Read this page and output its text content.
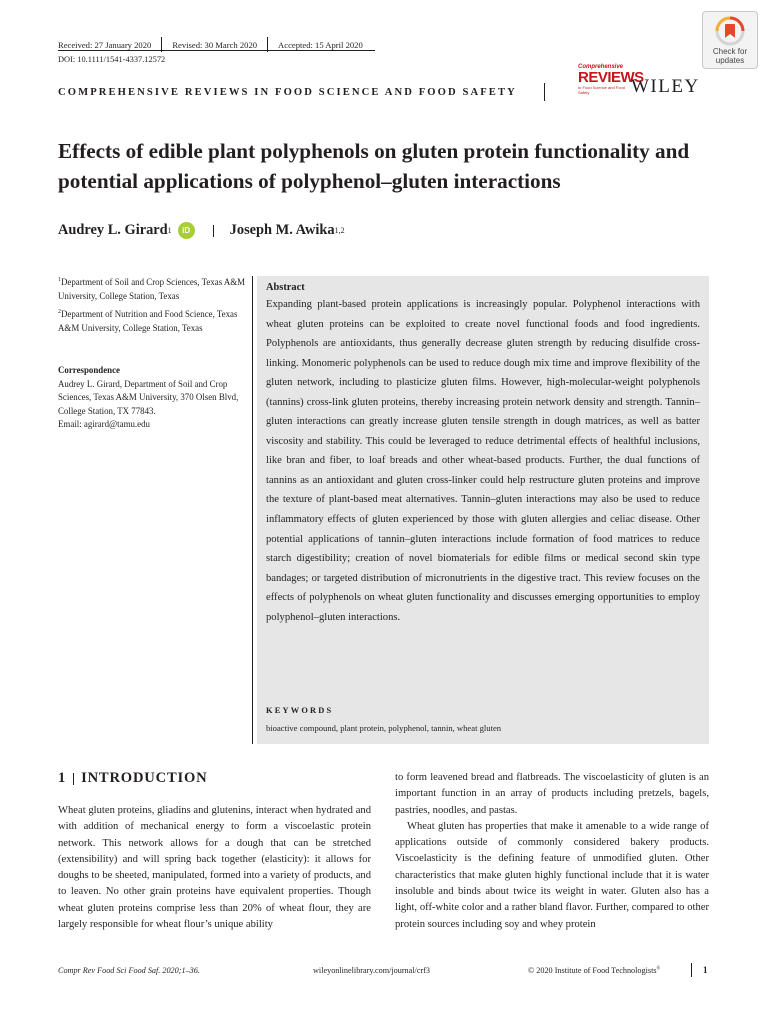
Received: 27 January 2020 Revised: 30 March 2020 Accepted: 15 April 2020
DOI: 10.1111/1541-4337.12572
COMPREHENSIVE REVIEWS IN FOOD SCIENCE AND FOOD SAFETY
Check for
updates
Comprehensive
REVIEWS
In Food Science and Food Safety	WILEY
Effects of edible plant polyphenols on gluten protein functionality and potential applications of polyphenol–gluten interactions
Audrey L. Girard 1	iD	Joseph M. Awika 1,2
$^1$Department of Soil and Crop Sciences, Texas A&M University, College Station, Texas
$^2$Department of Nutrition and Food Science, Texas A&M University, College Station, Texas
Correspondence
Audrey L. Girard, Department of Soil and Crop Sciences, Texas A&M University, 370 Olsen Blvd, College Station, TX 77843.
Email: agirard@tamu.edu
Abstract
Expanding plant-based protein applications is increasingly popular. Polyphenol interactions with wheat gluten proteins can be exploited to create novel functional foods and food ingredients. Polyphenols are antioxidants, thus generally decrease gluten strength by reducing disulfide cross-linking. Monomeric polyphenols can be used to reduce dough mix time and improve flexibility of the gluten network, including to plasticize gluten films. However, high-molecular-weight polyphenols (tannins) cross-link gluten proteins, thereby increasing protein network density and strength. Tannin–gluten interactions can greatly increase gluten tensile strength in dough matrices, as well as batter viscosity and stability. This could be leveraged to reduce detrimental effects of healthful inclusions, like bran and fiber, to loaf breads and other wheat-based products. Further, the dual functions of tannins as an antioxidant and gluten cross-linker could help restructure gluten proteins and improve the texture of plant-based meat alternatives. Tannin–gluten interactions may also be used to reduce inflammatory effects of gluten experienced by those with gluten allergies and celiac disease. Other potential applications of tannin–gluten interactions include formation of food matrices to reduce starch digestibility; creation of novel biomaterials for edible films or medical second skin type bandages; or targeted distribution of micronutrients in the digestive tract. This review focuses on the effects of polyphenols on wheat gluten functionality and discusses emerging opportunities to employ polyphenol–gluten interactions.
KEYWORDS
bioactive compound, plant protein, polyphenol, tannin, wheat gluten
1 INTRODUCTION

Wheat gluten proteins, gliadins and glutenins, interact when hydrated and with addition of mechanical energy to form a viscoelastic protein network. This network allows for a dough that can be stretched (extensibility) and will spring back together (elasticity): it allows for doughs to be sheeted, manipulated, formed into a variety of products, and to leaven. No other grain proteins have equivalent properties. Though wheat gluten proteins comprise less than 20% of wheat flour, they are largely responsible for wheat flour’s unique ability

to form leavened bread and flatbreads. The viscoelasticity of gluten is an important function in an array of products including pretzels, bagels, pastries, noodles, and pastas.

Wheat gluten has properties that make it amenable to a wide range of applications outside of commonly considered bakery products. Viscoelasticity is the defining feature of unmodified gluten. Other characteristics that make gluten highly functional include that it is water insoluble and binds about twice its weight in water. Gluten also has a light, off-white color and a rather bland flavor. Further, compared to other protein sources including soy and whey protein

Compr Rev Food Sci Food Saf. 2020;1–36.	wileyonlinelibrary.com/journal/crf3	© 2020 Institute of Food Technologists®	1
